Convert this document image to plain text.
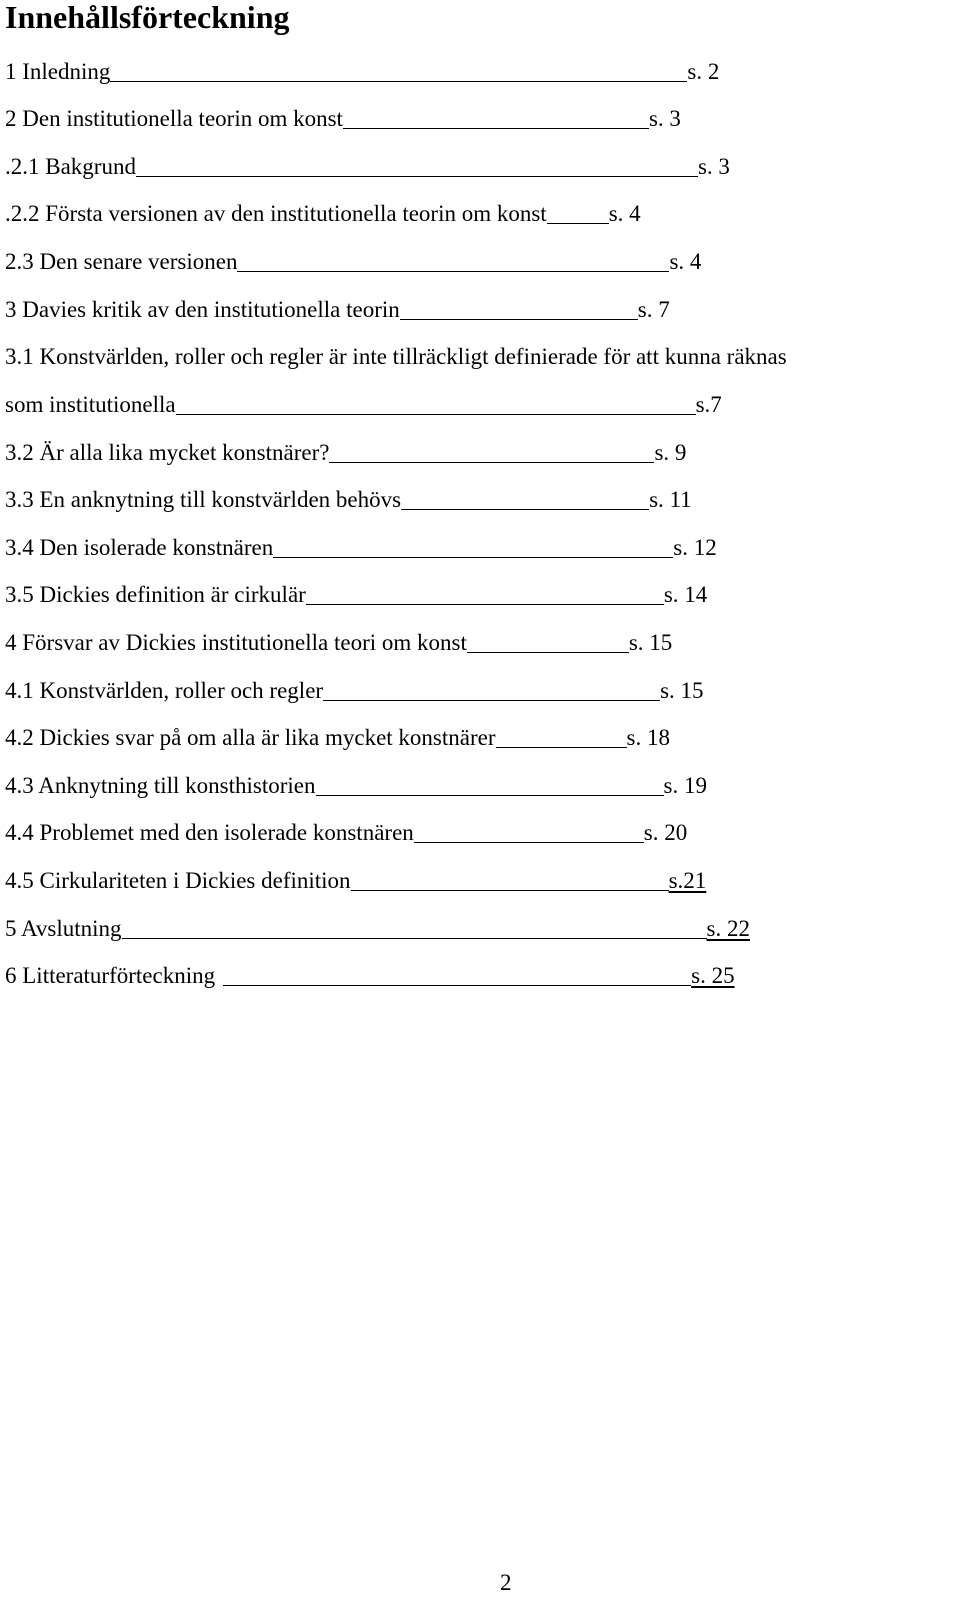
Innehållsförteckning
1 Inledning	s. 2
2 Den institutionella teorin om konst	s. 3
.2.1 Bakgrund	s. 3
.2.2 Första versionen av den institutionella teorin om konst	s. 4
2.3 Den senare versionen	s. 4
3 Davies kritik av den institutionella teorin	s. 7
3.1 Konstvärlden, roller och regler är inte tillräckligt definierade för att kunna räknas
som institutionella	s.7
3.2 Är alla lika mycket konstnärer?	s. 9
3.3 En anknytning till konstvärlden behövs	s. 11
3.4 Den isolerade konstnären	s. 12
3.5 Dickies definition är cirkulär	s. 14
4 Försvar av Dickies institutionella teori om konst	s. 15
4.1 Konstvärlden, roller och regler	s. 15
4.2 Dickies svar på om alla är lika mycket konstnärer	s. 18
4.3 Anknytning till konsthistorien	s. 19
4.4 Problemet med den isolerade konstnären	s. 20
4.5 Cirkulariteten i Dickies definition	s.21
5 Avslutning	s. 22
6 Litteraturförteckning	s. 25
2
